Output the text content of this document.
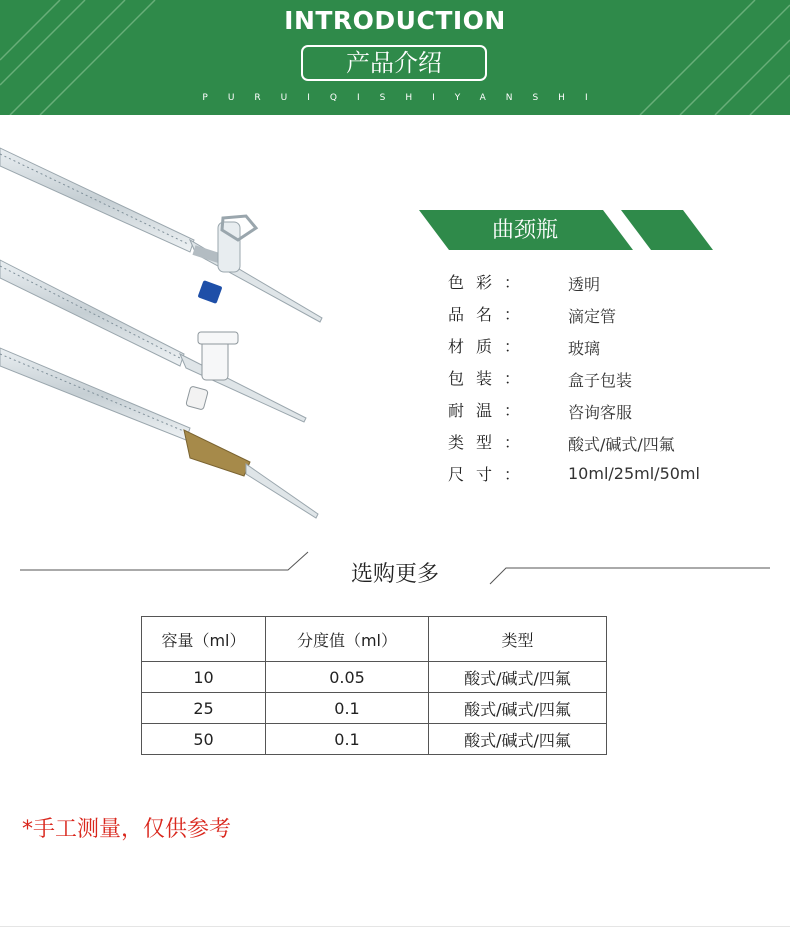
INTRODUCTION
产品介绍
PURUIQISHIYANSHI
曲颈瓶
色彩 ：	透明
品名 ：	滴定管
材质 ：	玻璃
包装 ：	盒子包装
耐温 ：	咨询客服
类型 ：	酸式/碱式/四氟
尺寸 ：	10ml/25ml/50ml
选购更多
容量（ml）	分度值（ml）	类型
10	0.05	酸式/碱式/四氟
25	0.1	酸式/碱式/四氟
50	0.1	酸式/碱式/四氟
*手工测量，仅供参考
